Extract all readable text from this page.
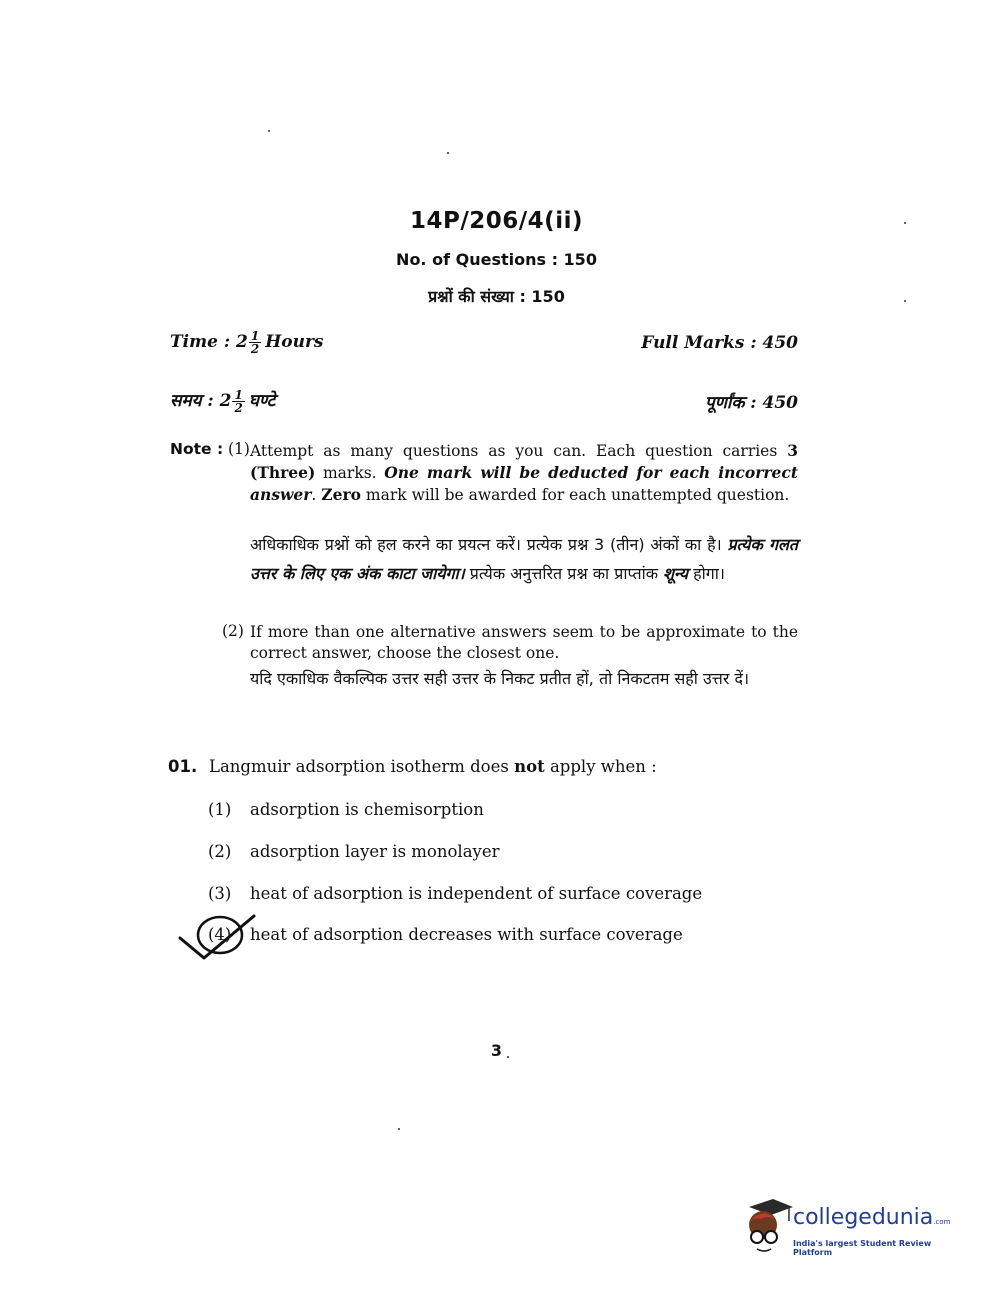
14P/206/4(ii)
No. of Questions : 150
प्रश्नों की संख्या : 150
Time : $2 \frac{1}{2}$ Hours	Full Marks : 450
समय : $2 \frac{1}{2}$ घण्टे	पूर्णांक : 450
Note : (1) Attempt as many questions as you can. Each question carries 3 (Three) marks. One mark will be deducted for each incorrect answer. Zero mark will be awarded for each unattempted question.
अधिकाधिक प्रश्नों को हल करने का प्रयत्न करें। प्रत्येक प्रश्न 3 (तीन) अंकों का है। प्रत्येक गलत उत्तर के लिए एक अंक काटा जायेगा। प्रत्येक अनुत्तरित प्रश्न का प्राप्तांक शून्य होगा।
(2) If more than one alternative answers seem to be approximate to the correct answer, choose the closest one.
यदि एकाधिक वैकल्पिक उत्तर सही उत्तर के निकट प्रतीत हों, तो निकटतम सही उत्तर दें।
01. Langmuir adsorption isotherm does not apply when :
(1)	adsorption is chemisorption
(2)	adsorption layer is monolayer
(3)	heat of adsorption is independent of surface coverage
(4)	heat of adsorption decreases with surface coverage
3
collegedunia.com
India's largest Student Review Platform
